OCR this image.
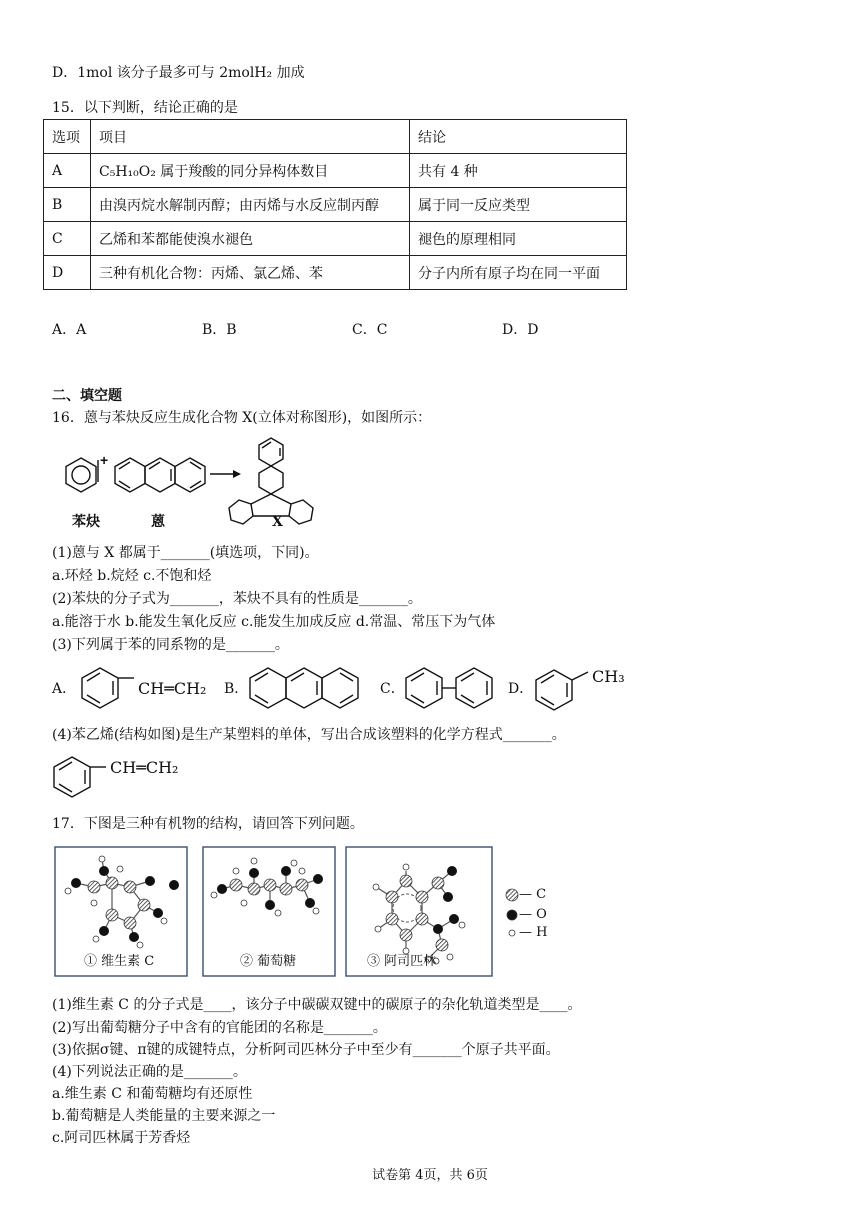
D．1mol 该分子最多可与 2molH₂ 加成
15．以下判断，结论正确的是
选项	项目	结论
A	C₅H₁₀O₂ 属于羧酸的同分异构体数目	共有 4 种
B	由溴丙烷水解制丙醇；由丙烯与水反应制丙醇	属于同一反应类型
C	乙烯和苯都能使溴水褪色	褪色的原理相同
D	三种有机化合物：丙烯、氯乙烯、苯	分子内所有原子均在同一平面
A．A	B．B	C．C	D．D
二、填空题
16．蒽与苯炔反应生成化合物 X(立体对称图形)，如图所示：
+
苯炔	蒽	X
(1)蒽与 X 都属于_______(填选项，下同)。
a.环烃 b.烷烃 c.不饱和烃
(2)苯炔的分子式为_______，苯炔不具有的性质是_______。
a.能溶于水 b.能发生氧化反应 c.能发生加成反应 d.常温、常压下为气体
(3)下列属于苯的同系物的是_______。
A．	CH═CH₂ B．	C．	D．
CH₃
(4)苯乙烯(结构如图)是生产某塑料的单体，写出合成该塑料的化学方程式_______。
CH═CH₂
17．下图是三种有机物的结构，请回答下列问题。
① 维生素 C	② 葡萄糖	③ 阿司匹林
— C
— O
— H
(1)维生素 C 的分子式是____，该分子中碳碳双键中的碳原子的杂化轨道类型是____。
(2)写出葡萄糖分子中含有的官能团的名称是_______。
(3)依据σ键、π键的成键特点，分析阿司匹林分子中至少有_______个原子共平面。
(4)下列说法正确的是_______。
a.维生素 C 和葡萄糖均有还原性
b.葡萄糖是人类能量的主要来源之一
c.阿司匹林属于芳香烃
试卷第 4页，共 6页
